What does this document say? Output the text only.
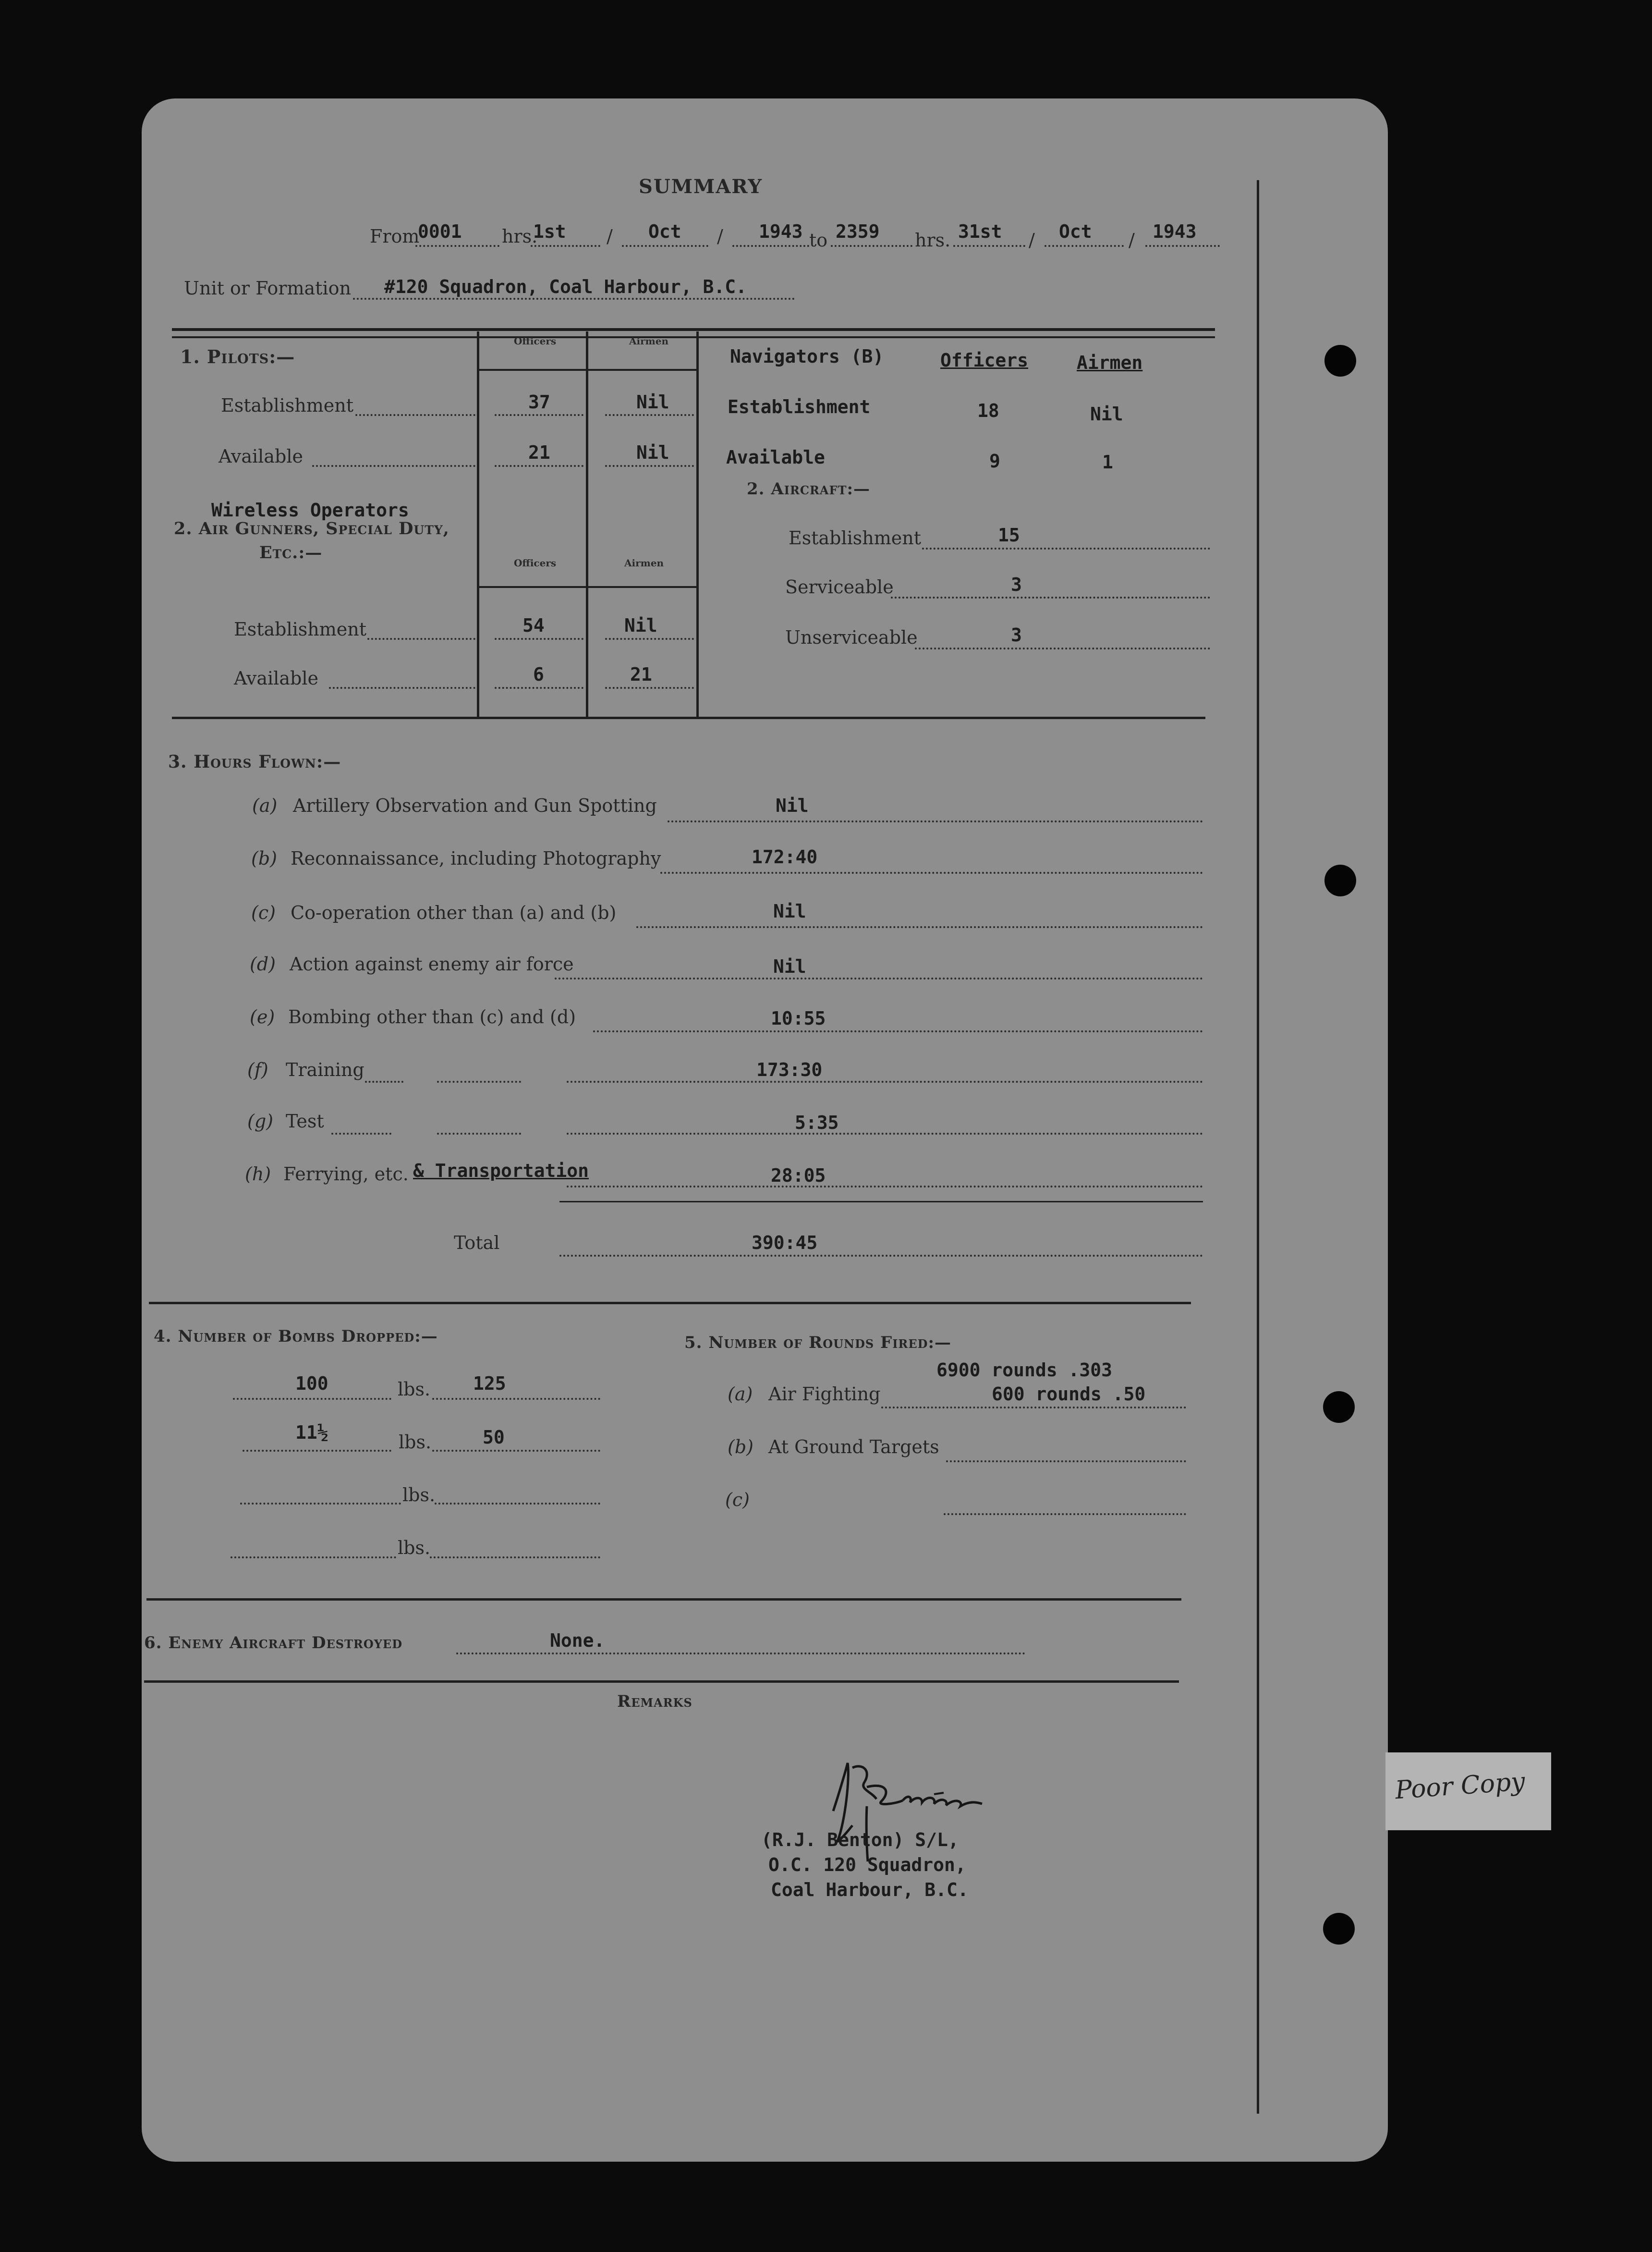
SUMMARY
From
0001 hrs.
1st / Oct / 1943 to 2359 hrs. 31st / Oct / 1943
Unit or Formation #120 Squadron, Coal Harbour, B.C.
1. Pilots:—
Officers	Airmen
Establishment	37	Nil
Available	21	Nil
Navigators (B)	Officers	Airmen
Establishment	18	Nil
Available	9	1
Wireless Operators
2. Air Gunners, Special Duty,
Etc.:—
Officers	Airmen
Establishment	54	Nil
Available	6	21
2. Aircraft:—
Establishment	15
Serviceable	3
Unserviceable	3
3. Hours Flown:—
(a) Artillery Observation and Gun Spotting	Nil
(b) Reconnaissance, including Photography	172:40
(c) Co-operation other than (a) and (b)	Nil
(d) Action against enemy air force	Nil
(e) Bombing other than (c) and (d)	10:55
(f) Training	173:30
(g) Test	5:35
(h) Ferrying, etc. & Transportation	28:05
Total	390:45
4. Number of Bombs Dropped:—
100	lbs. 125
11½	lbs.	50
lbs.
lbs.
5. Number of Rounds Fired:—
6900 rounds .303
(a) Air Fighting	600 rounds .50
(b) At Ground Targets
(c)
6. Enemy Aircraft Destroyed	None.
Remarks
(R.J. Benton) S/L,
O.C. 120 Squadron,
Coal Harbour, B.C.
Poor Copy
